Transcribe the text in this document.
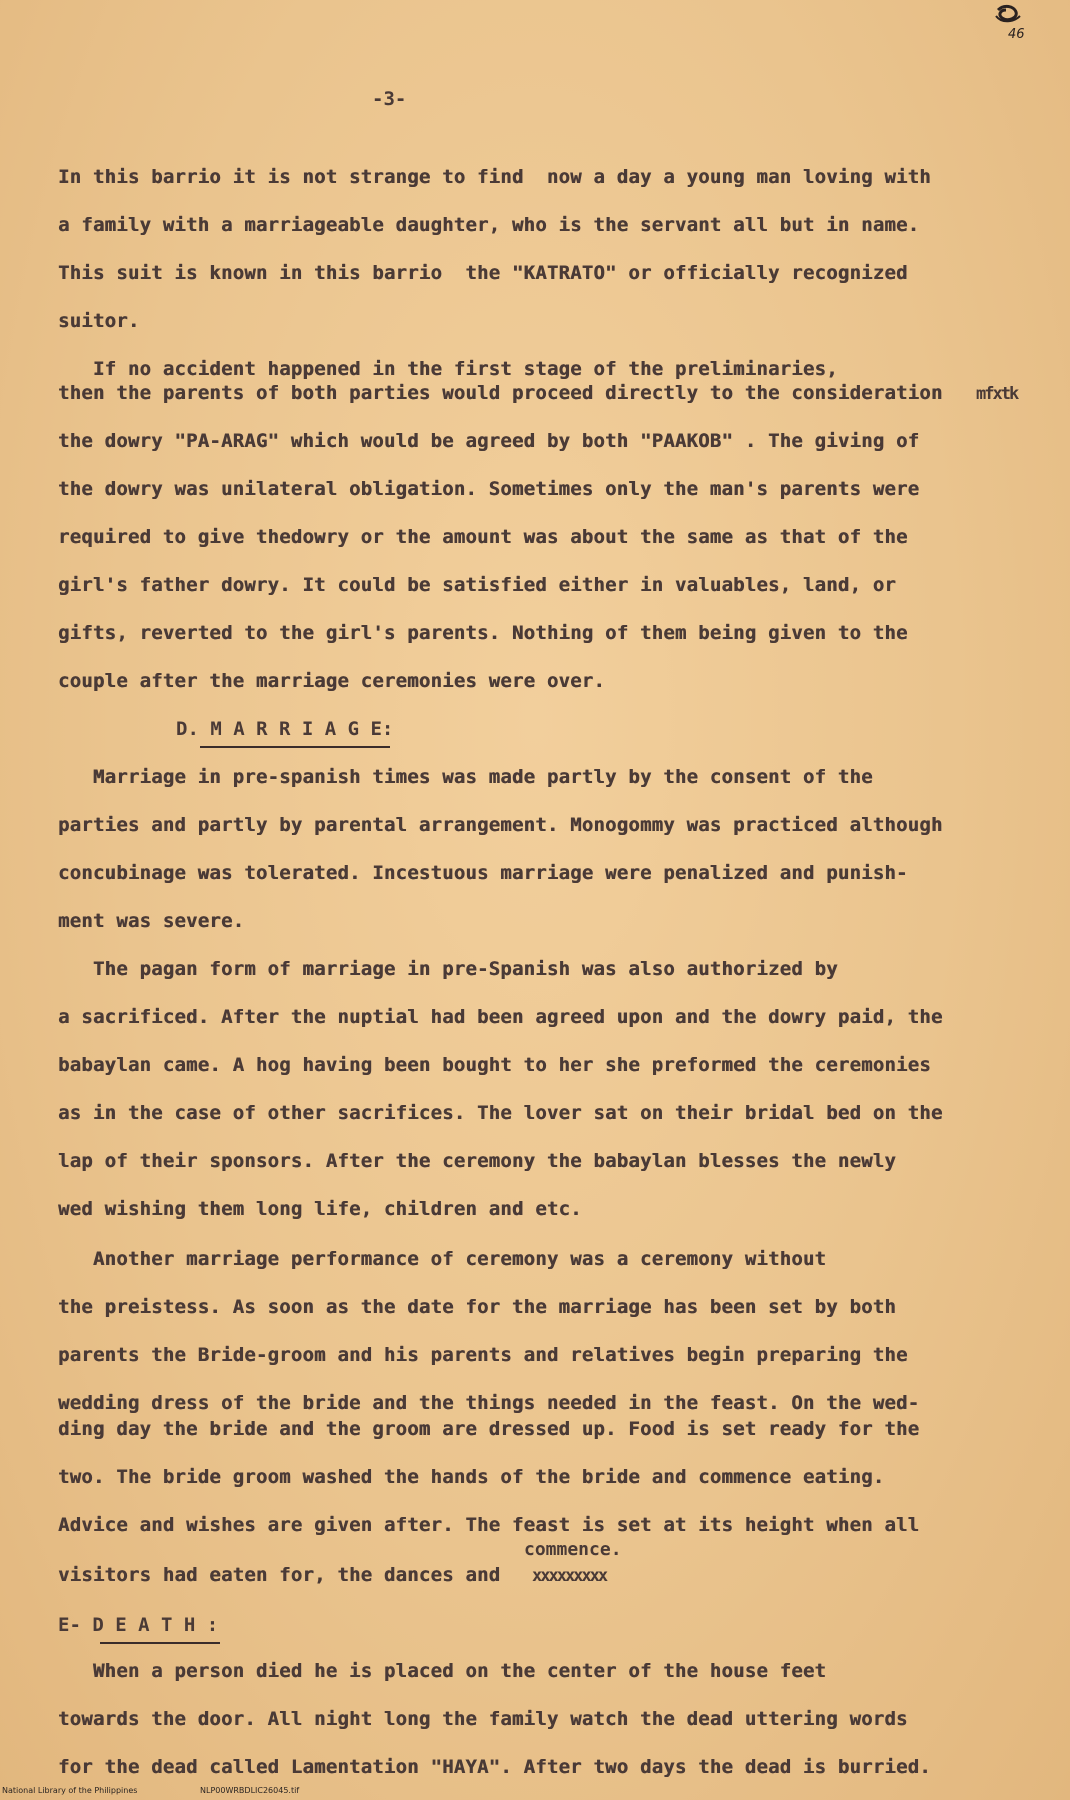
46
-3-

In this barrio it is not strange to find  now a day a young man loving with

a family with a marriageable daughter, who is the servant all but in name.

This suit is known in this barrio  the "KATRATO" or officially recognized

suitor.

If no accident happened in the first stage of the preliminaries,

then the parents of both parties would proceed directly to the consideration

the dowry "PA-ARAG" which would be agreed by both "PAAKOB" . The giving of

the dowry was unilateral obligation. Sometimes only the man's parents were

required to give thedowry or the amount was about the same as that of the

girl's father dowry. It could be satisfied either in valuables, land, or

gifts, reverted to the girl's parents. Nothing of them being given to the

couple after the marriage ceremonies were over.

mfxtk
D. M A R R I A G E:

Marriage in pre-spanish times was made partly by the consent of the

parties and partly by parental arrangement. Monogommy was practiced although

concubinage was tolerated. Incestuous marriage were penalized and punish-

ment was severe.

The pagan form of marriage in pre-Spanish was also authorized by

a sacrificed. After the nuptial had been agreed upon and the dowry paid, the

babaylan came. A hog having been bought to her she preformed the ceremonies

as in the case of other sacrifices. The lover sat on their bridal bed on the

lap of their sponsors. After the ceremony the babaylan blesses the newly

wed wishing them long life, children and etc.

Another marriage performance of ceremony was a ceremony without

the preistess. As soon as the date for the marriage has been set by both

parents the Bride-groom and his parents and relatives begin preparing the

wedding dress of the bride and the things needed in the feast. On the wed-

ding day the bride and the groom are dressed up. Food is set ready for the

two. The bride groom washed the hands of the bride and commence eating.

Advice and wishes are given after. The feast is set at its height when all

visitors had eaten for, the dances and

commence.
xxxxxxxxx
E- D E A T H :

When a person died he is placed on the center of the house feet

towards the door. All night long the family watch the dead uttering words

for the dead called Lamentation "HAYA". After two days the dead is burried.

National Library of the Philippines	NLP00WRBDLIC26045.tif
